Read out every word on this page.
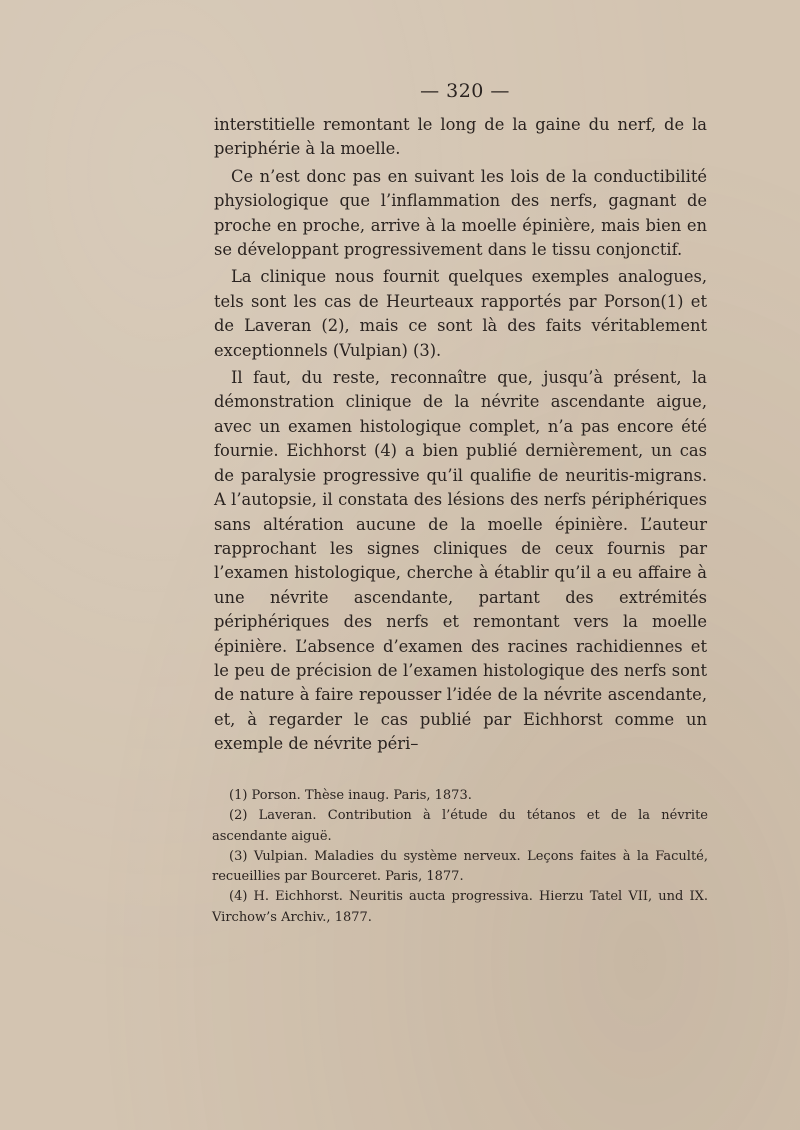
— 320 —

interstitielle remontant le long de la gaine du nerf, de la periphérie à la moelle.

Ce n’est donc pas en suivant les lois de la conductibilité physiologique que l’inflammation des nerfs, gagnant de proche en proche, arrive à la moelle épinière, mais bien en se développant progressivement dans le tissu conjonctif.

La clinique nous fournit quelques exemples analogues, tels sont les cas de Heurteaux rapportés par Porson(1) et de Laveran (2), mais ce sont là des faits véritablement exceptionnels (Vulpian) (3).

Il faut, du reste, reconnaître que, jusqu’à présent, la démonstration clinique de la névrite ascendante aigue, avec un examen histologique complet, n’a pas encore été fournie. Eichhorst (4) a bien publié dernièrement, un cas de paralysie progressive qu’il qualifie de neuritis-migrans. A l’autopsie, il constata des lésions des nerfs périphériques sans altération aucune de la moelle épinière. L’auteur rapprochant les signes cliniques de ceux fournis par l’examen histologique, cherche à établir qu’il a eu affaire à une névrite ascendante, partant des extrémités périphériques des nerfs et remontant vers la moelle épinière. L’absence d’examen des racines rachidiennes et le peu de précision de l’examen histologique des nerfs sont de nature à faire repousser l’idée de la névrite ascendante, et, à regarder le cas publié par Eichhorst comme un exemple de névrite péri–

(1) Porson. Thèse inaug. Paris, 1873.

(2) Laveran. Contribution à l’étude du tétanos et de la névrite ascendante aiguë.

(3) Vulpian. Maladies du système nerveux. Leçons faites à la Faculté, recueillies par Bourceret. Paris, 1877.

(4) H. Eichhorst. Neuritis aucta progressiva. Hierzu Tatel VII, und IX. Virchow’s Archiv., 1877.
